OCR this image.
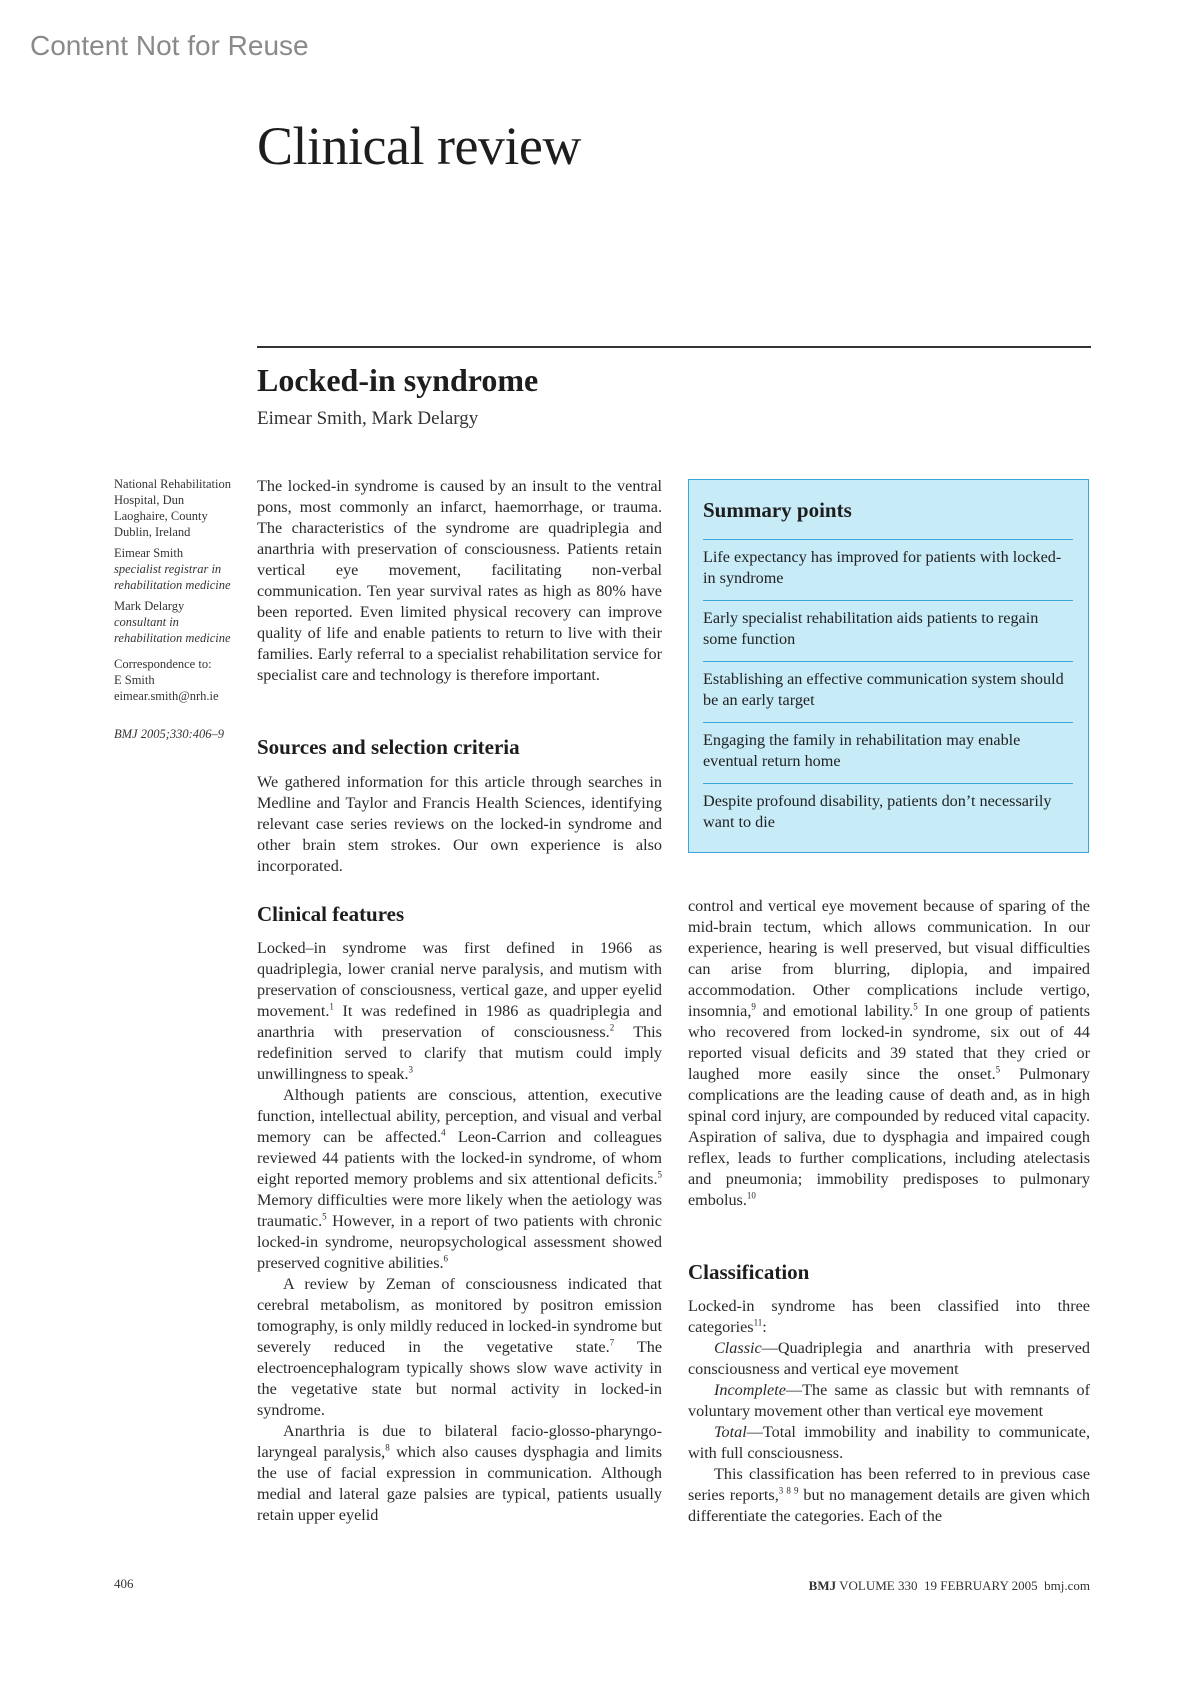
Content Not for Reuse
Clinical review
Locked-in syndrome
Eimear Smith, Mark Delargy

National Rehabilitation Hospital, Dun Laoghaire, County Dublin, Ireland

Eimear Smith

specialist registrar in rehabilitation medicine

Mark Delargy

consultant in rehabilitation medicine

Correspondence to:

E Smith

eimear.smith@nrh.ie

BMJ 2005;330:406–9

The locked-in syndrome is caused by an insult to the ventral pons, most commonly an infarct, haemorrhage, or trauma. The characteristics of the syndrome are quadriplegia and anarthria with preservation of consciousness. Patients retain vertical eye movement, facilitating non-verbal communication. Ten year survival rates as high as 80% have been reported. Even limited physical recovery can improve quality of life and enable patients to return to live with their families. Early referral to a specialist rehabilitation service for specialist care and technology is therefore important.

Sources and selection criteria

We gathered information for this article through searches in Medline and Taylor and Francis Health Sciences, identifying relevant case series reviews on the locked-in syndrome and other brain stem strokes. Our own experience is also incorporated.

Summary points
Life expectancy has improved for patients with locked-in syndrome
Early specialist rehabilitation aids patients to regain some function
Establishing an effective communication system should be an early target
Engaging the family in rehabilitation may enable eventual return home
Despite profound disability, patients don’t necessarily want to die
Clinical features

Locked–in syndrome was first defined in 1966 as quadriplegia, lower cranial nerve paralysis, and mutism with preservation of consciousness, vertical gaze, and upper eyelid movement.$^1$ It was redefined in 1986 as quadriplegia and anarthria with preservation of consciousness.$^2$ This redefinition served to clarify that mutism could imply unwillingness to speak.$^3$

Although patients are conscious, attention, executive function, intellectual ability, perception, and visual and verbal memory can be affected.$^4$ Leon-Carrion and colleagues reviewed 44 patients with the locked-in syndrome, of whom eight reported memory problems and six attentional deficits.$^5$ Memory difficulties were more likely when the aetiology was traumatic.$^5$ However, in a report of two patients with chronic locked-in syndrome, neuropsychological assessment showed preserved cognitive abilities.$^6$

A review by Zeman of consciousness indicated that cerebral metabolism, as monitored by positron emission tomography, is only mildly reduced in locked-in syndrome but severely reduced in the vegetative state.$^7$ The electroencephalogram typically shows slow wave activity in the vegetative state but normal activity in locked-in syndrome.

Anarthria is due to bilateral facio-glosso-pharyngo-laryngeal paralysis,$^8$ which also causes dysphagia and limits the use of facial expression in communication. Although medial and lateral gaze palsies are typical, patients usually retain upper eyelid

control and vertical eye movement because of sparing of the mid-brain tectum, which allows communication. In our experience, hearing is well preserved, but visual difficulties can arise from blurring, diplopia, and impaired accommodation. Other complications include vertigo, insomnia,$^9$ and emotional lability.$^5$ In one group of patients who recovered from locked-in syndrome, six out of 44 reported visual deficits and 39 stated that they cried or laughed more easily since the onset.$^5$ Pulmonary complications are the leading cause of death and, as in high spinal cord injury, are compounded by reduced vital capacity. Aspiration of saliva, due to dysphagia and impaired cough reflex, leads to further complications, including atelectasis and pneumonia; immobility predisposes to pulmonary embolus.$^{10}$

Classification

Locked-in syndrome has been classified into three categories$^{11}$:

Classic—Quadriplegia and anarthria with preserved consciousness and vertical eye movement

Incomplete—The same as classic but with remnants of voluntary movement other than vertical eye movement

Total—Total immobility and inability to communicate, with full consciousness.

This classification has been referred to in previous case series reports,$^{3 8 9}$ but no management details are given which differentiate the categories. Each of the

406	BMJ VOLUME 330 19 FEBRUARY 2005 bmj.com
